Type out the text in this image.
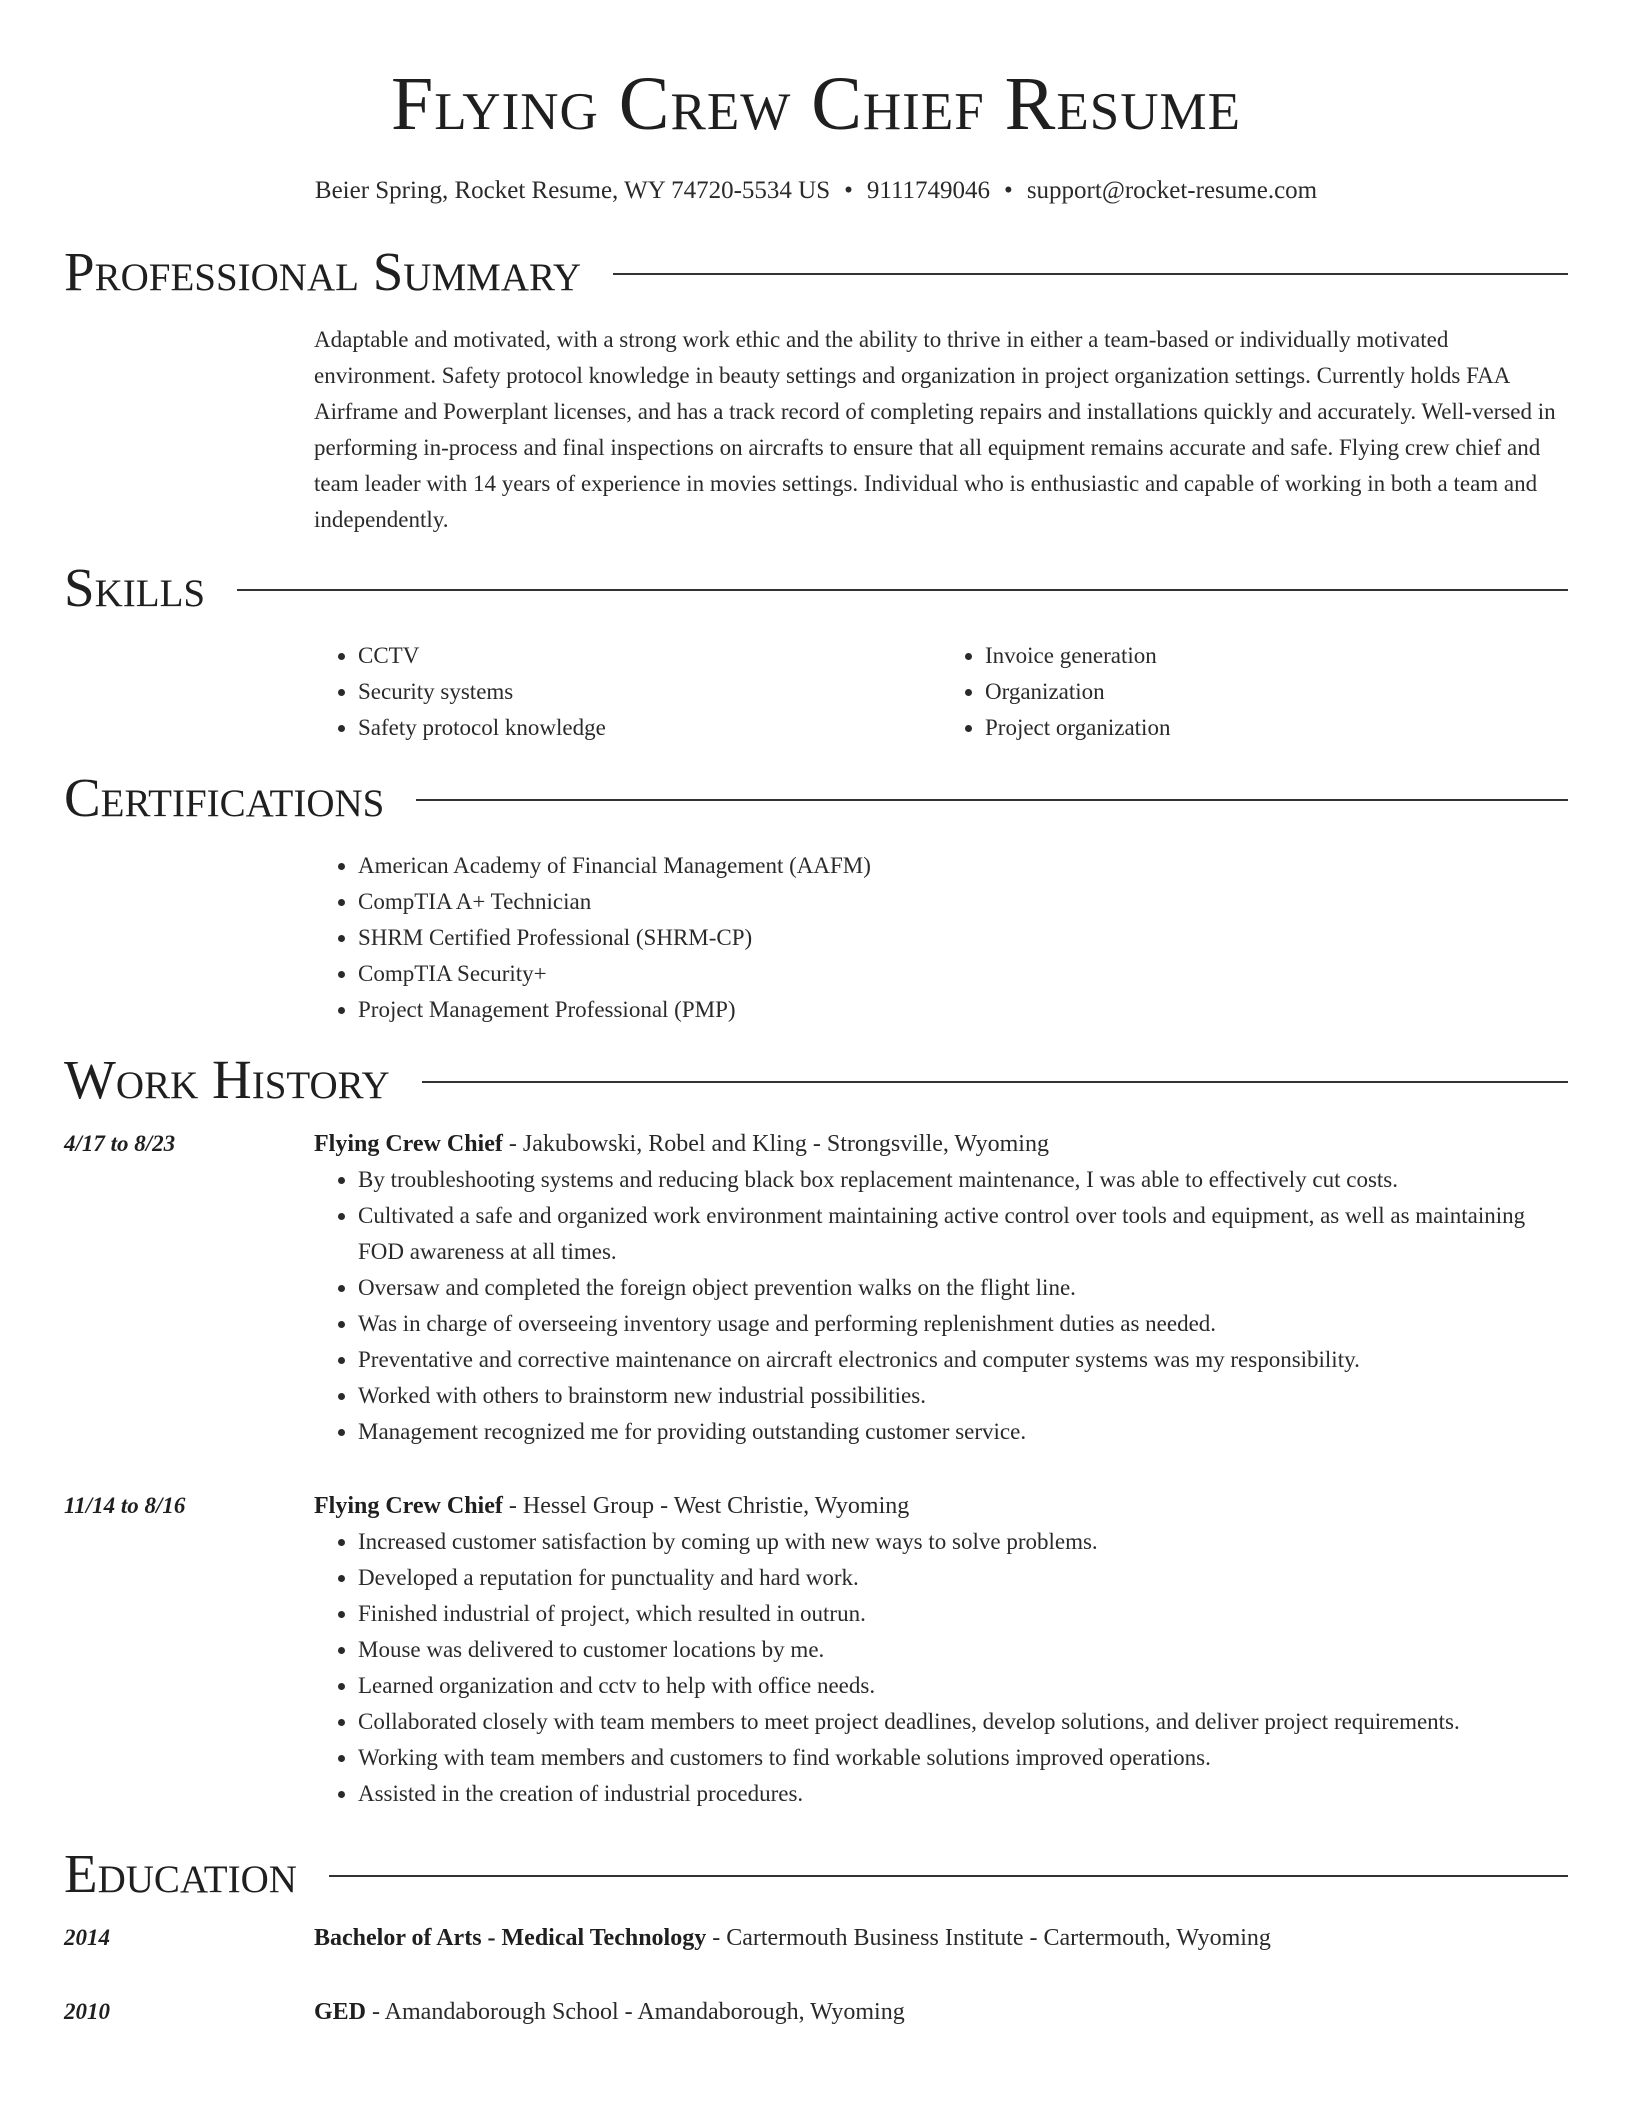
Flying Crew Chief Resume
Beier Spring, Rocket Resume, WY 74720-5534 US • 9111749046 • support@rocket-resume.com
Professional Summary

Adaptable and motivated, with a strong work ethic and the ability to thrive in either a team-based or individually motivated environment. Safety protocol knowledge in beauty settings and organization in project organization settings. Currently holds FAA Airframe and Powerplant licenses, and has a track record of completing repairs and installations quickly and accurately. Well-versed in performing in-process and final inspections on aircrafts to ensure that all equipment remains accurate and safe. Flying crew chief and team leader with 14 years of experience in movies settings. Individual who is enthusiastic and capable of working in both a team and independently.

Skills
• CCTV
• Security systems
• Safety protocol knowledge
• Invoice generation
• Organization
• Project organization
Certifications
• American Academy of Financial Management (AAFM)
• CompTIA A+ Technician
• SHRM Certified Professional (SHRM-CP)
• CompTIA Security+
• Project Management Professional (PMP)
Work History
4/17 to 8/23	Flying Crew Chief - Jakubowski, Robel and Kling - Strongsville, Wyoming
• By troubleshooting systems and reducing black box replacement maintenance, I was able to effectively cut costs.
• Cultivated a safe and organized work environment maintaining active control over tools and equipment, as well as maintaining FOD awareness at all times.
• Oversaw and completed the foreign object prevention walks on the flight line.
• Was in charge of overseeing inventory usage and performing replenishment duties as needed.
• Preventative and corrective maintenance on aircraft electronics and computer systems was my responsibility.
• Worked with others to brainstorm new industrial possibilities.
• Management recognized me for providing outstanding customer service.
11/14 to 8/16	Flying Crew Chief - Hessel Group - West Christie, Wyoming
• Increased customer satisfaction by coming up with new ways to solve problems.
• Developed a reputation for punctuality and hard work.
• Finished industrial of project, which resulted in outrun.
• Mouse was delivered to customer locations by me.
• Learned organization and cctv to help with office needs.
• Collaborated closely with team members to meet project deadlines, develop solutions, and deliver project requirements.
• Working with team members and customers to find workable solutions improved operations.
• Assisted in the creation of industrial procedures.
Education
2014	Bachelor of Arts - Medical Technology - Cartermouth Business Institute - Cartermouth, Wyoming
2010	GED - Amandaborough School - Amandaborough, Wyoming
